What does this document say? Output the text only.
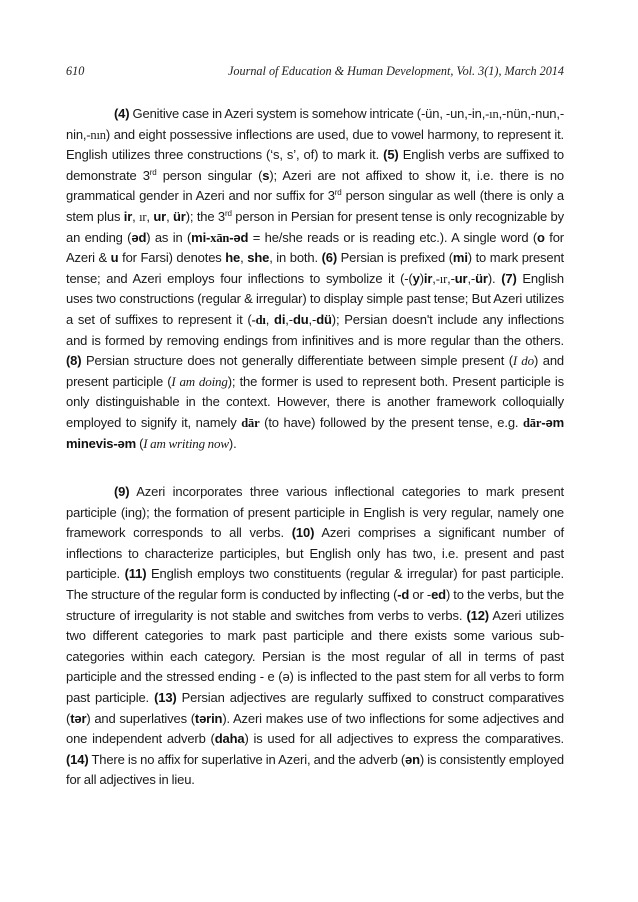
610	Journal of Education & Human Development, Vol. 3(1), March 2014

(4) Genitive case in Azeri system is somehow intricate (-ün, -un,-in,-ın,-nün,-nun,-nin,-nın) and eight possessive inflections are used, due to vowel harmony, to represent it. English utilizes three constructions (‘s, s’, of) to mark it. (5) English verbs are suffixed to demonstrate 3rd person singular (s); Azeri are not affixed to show it, i.e. there is no grammatical gender in Azeri and nor suffix for 3rd person singular as well (there is only a stem plus ir, ır, ur, ür); the 3rd person in Persian for present tense is only recognizable by an ending (əd) as in (mi-xān-əd = he/she reads or is reading etc.). A single word (o for Azeri & u for Farsi) denotes he, she, in both. (6) Persian is prefixed (mi) to mark present tense; and Azeri employs four inflections to symbolize it (-(y)ir,-ır,-ur,-ür). (7) English uses two constructions (regular & irregular) to display simple past tense; But Azeri utilizes a set of suffixes to represent it (-dı, di,-du,-dü); Persian doesn't include any inflections and is formed by removing endings from infinitives and is more regular than the others. (8) Persian structure does not generally differentiate between simple present (I do) and present participle (I am doing); the former is used to represent both. Present participle is only distinguishable in the context. However, there is another framework colloquially employed to signify it, namely dār (to have) followed by the present tense, e.g. dār-əm minevis-əm (I am writing now).

(9) Azeri incorporates three various inflectional categories to mark present participle (ing); the formation of present participle in English is very regular, namely one framework corresponds to all verbs. (10) Azeri comprises a significant number of inflections to characterize participles, but English only has two, i.e. present and past participle. (11) English employs two constituents (regular & irregular) for past participle. The structure of the regular form is conducted by inflecting (-d or -ed) to the verbs, but the structure of irregularity is not stable and switches from verbs to verbs. (12) Azeri utilizes two different categories to mark past participle and there exists some various sub-categories within each category. Persian is the most regular of all in terms of past participle and the stressed ending - e (ə) is inflected to the past stem for all verbs to form past participle. (13) Persian adjectives are regularly suffixed to construct comparatives (tər) and superlatives (tərin). Azeri makes use of two inflections for some adjectives and one independent adverb (daha) is used for all adjectives to express the comparatives. (14) There is no affix for superlative in Azeri, and the adverb (ən) is consistently employed for all adjectives in lieu.
